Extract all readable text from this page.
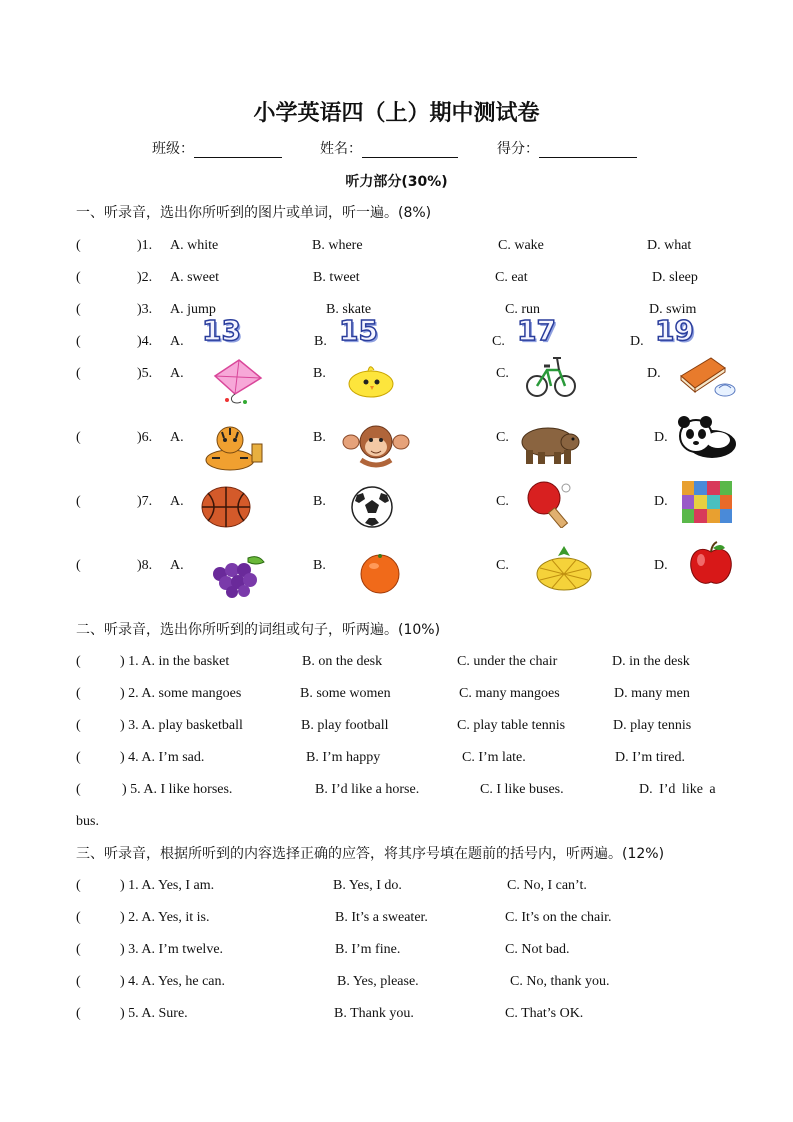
小学英语四（上）期中测试卷
班级：	姓名：	得分：
听力部分(30%)
一、听录音，选出你所听到的图片或单词，听一遍。(8%)
(	)1. A. white	B. where	C. wake	D. what
(	)2. A. sweet	B. tweet	C. eat	D. sleep
(	)3. A. jump	B. skate	C. run	D. swim
(	)4. A. 13	B. 15	C. 17	D. 19
(	)5. A.	B.	C.	D.
(	)6. A.	B.	C.	D.
(	)7. A.	B.	C.	D.
(	)8. A.	B.	C.	D.
二、听录音，选出你所听到的词组或句子，听两遍。(10%)
(	) 1. A. in the basket	B. on the desk	C. under the chair	D. in the desk
(	) 2. A. some mangoes	B. some women	C. many mangoes	D. many men
(	) 3. A. play basketball	B. play football	C. play table tennis	D. play tennis
(	) 4. A. I’m sad.	B. I’m happy	C. I’m late.	D. I’m tired.
(	) 5. A. I like horses.	B. I’d like a horse.	C. I like buses.	D. I’d like a
bus.
三、听录音，根据所听到的内容选择正确的应答，将其序号填在题前的括号内，听两遍。(12%)
(	) 1. A. Yes, I am.	B. Yes, I do.	C. No, I can’t.
(	) 2. A. Yes, it is.	B. It’s a sweater.	C. It’s on the chair.
(	) 3. A. I’m twelve.	B. I’m fine.	C. Not bad.
(	) 4. A. Yes, he can.	B. Yes, please.	C. No, thank you.
(	) 5. A. Sure.	B. Thank you.	C. That’s OK.
